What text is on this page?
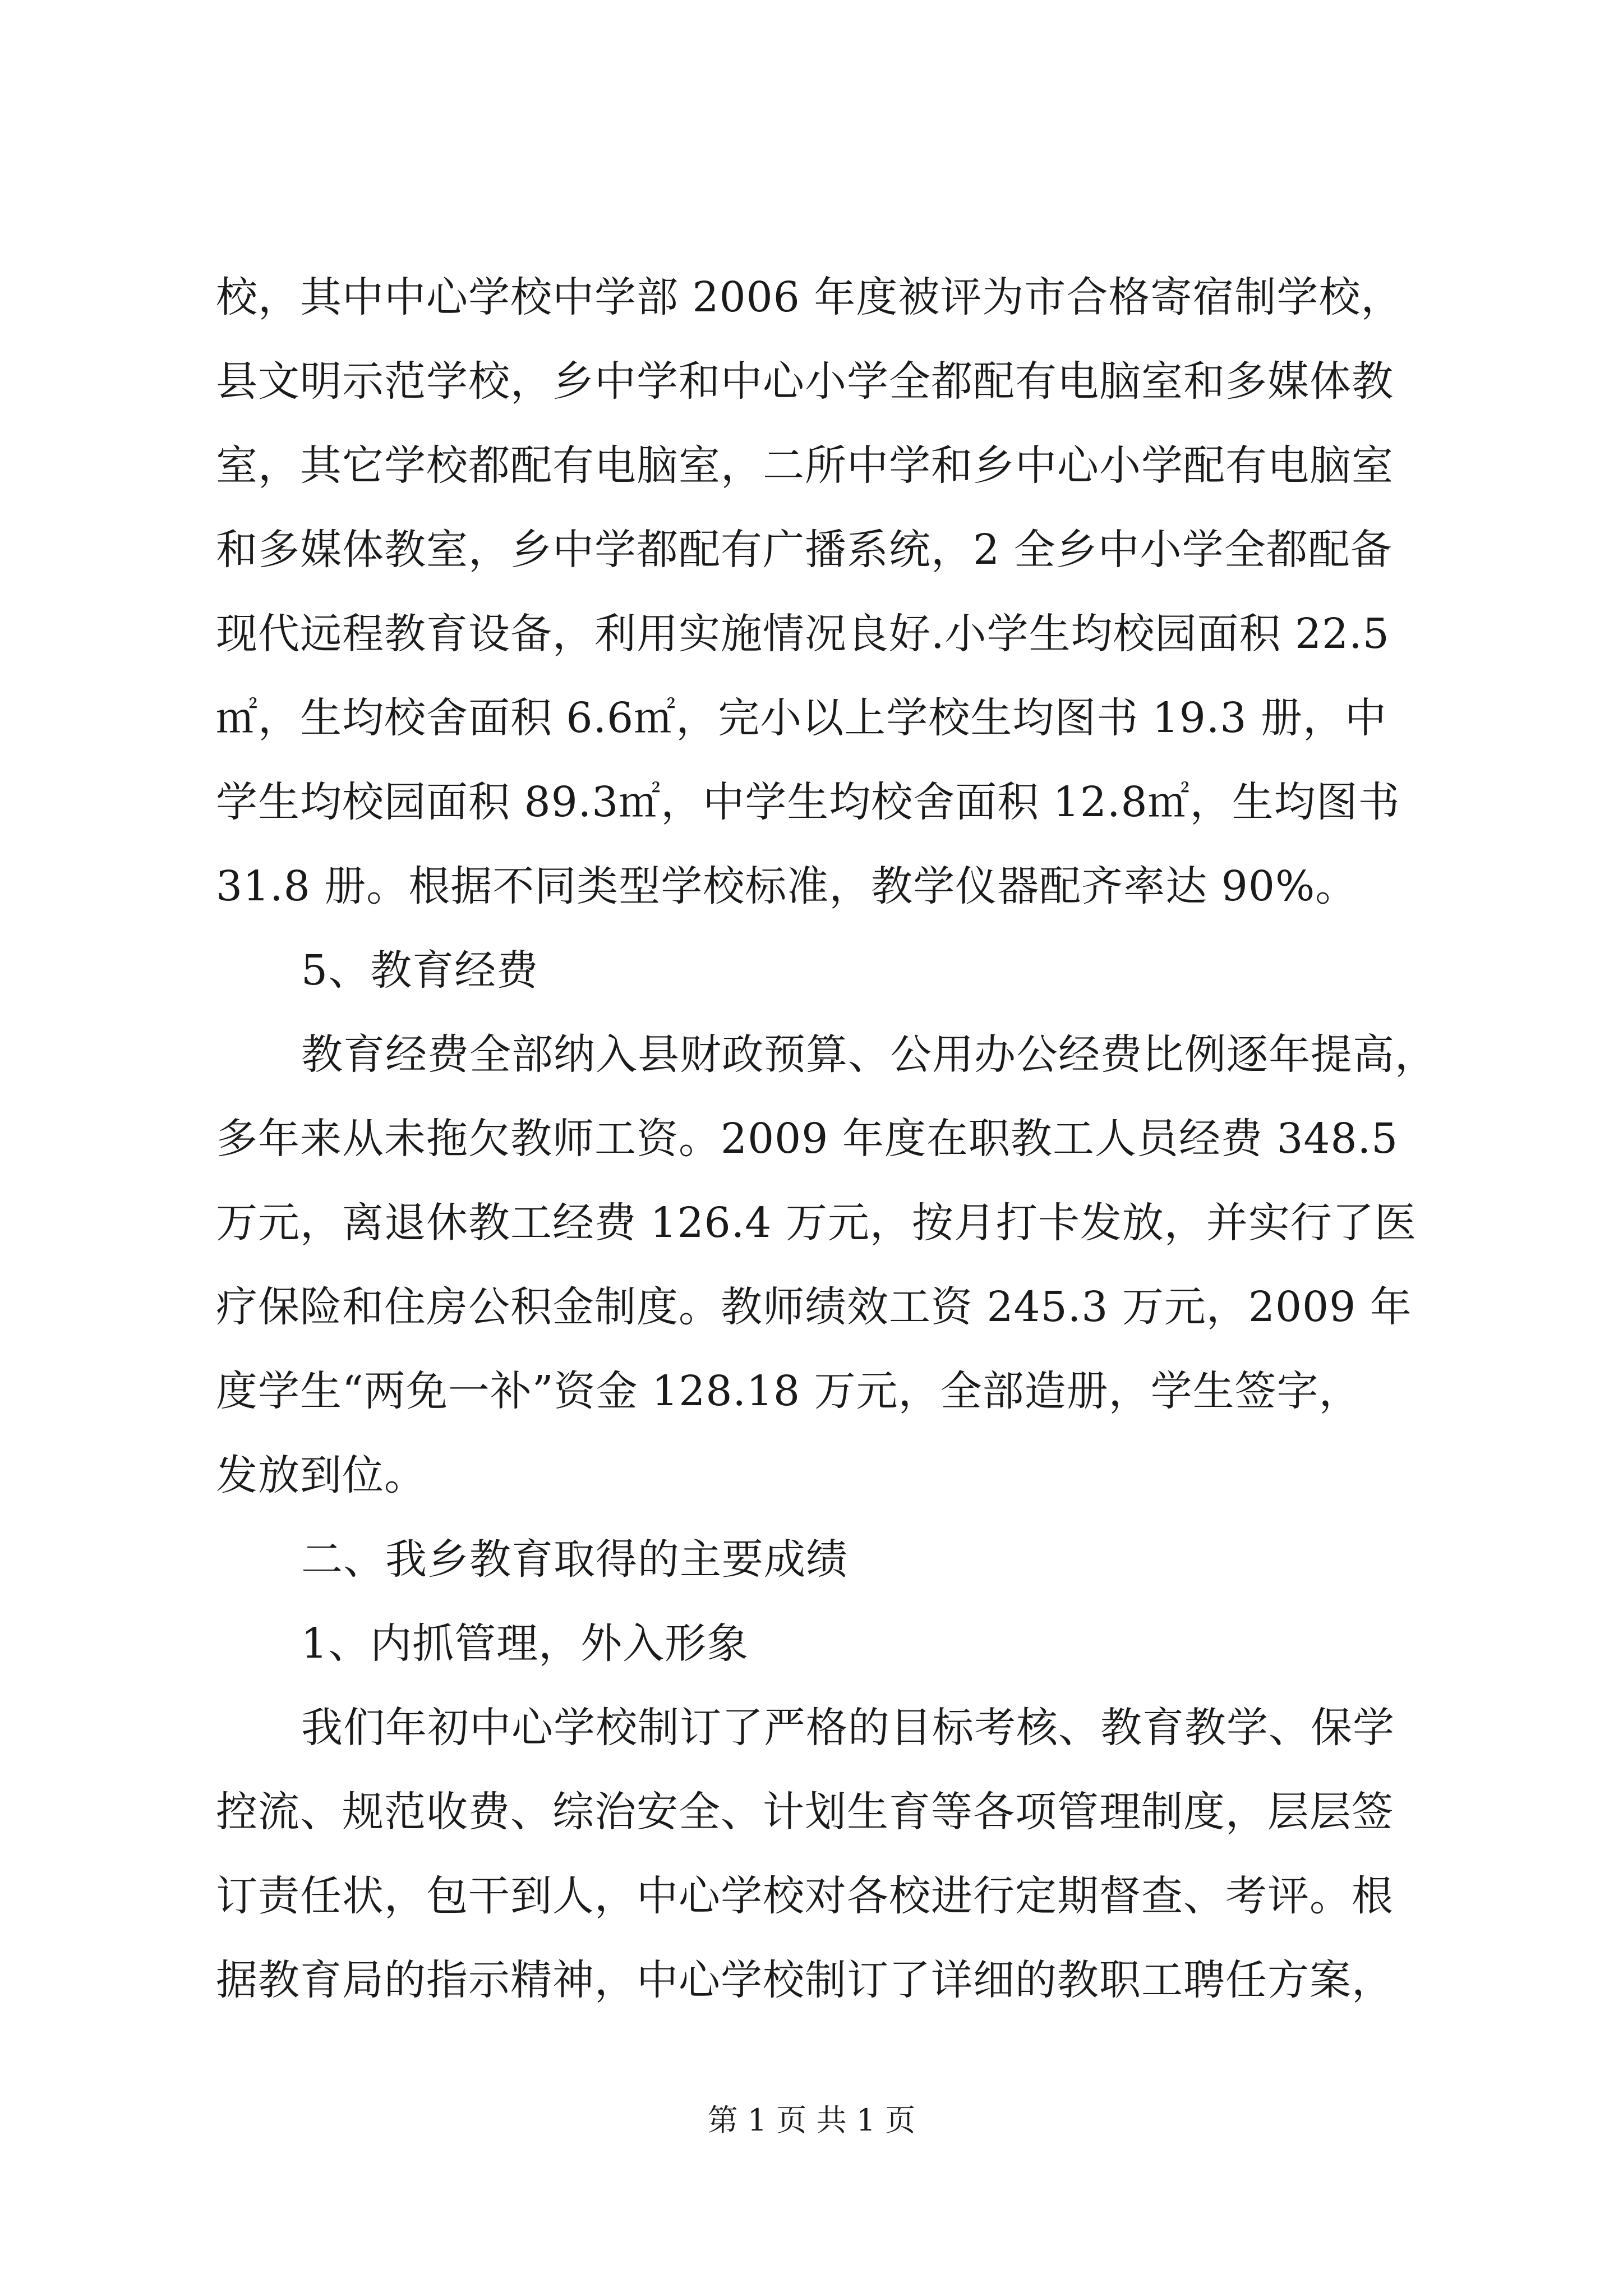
校，其中中心学校中学部 2006 年度被评为市合格寄宿制学校，
县文明示范学校，乡中学和中心小学全都配有电脑室和多媒体教
室，其它学校都配有电脑室，二所中学和乡中心小学配有电脑室
和多媒体教室，乡中学都配有广播系统，2 全乡中小学全都配备
现代远程教育设备，利用实施情况良好.小学生均校园面积 22.5
㎡，生均校舍面积 6.6㎡，完小以上学校生均图书 19.3 册，中
学生均校园面积 89.3㎡，中学生均校舍面积 12.8㎡，生均图书
31.8 册。根据不同类型学校标准，教学仪器配齐率达 90%。
5、教育经费
教育经费全部纳入县财政预算、公用办公经费比例逐年提高，
多年来从未拖欠教师工资。2009 年度在职教工人员经费 348.5
万元，离退休教工经费 126.4 万元，按月打卡发放，并实行了医
疗保险和住房公积金制度。教师绩效工资 245.3 万元，2009 年
度学生“两免一补”资金 128.18 万元，全部造册，学生签字，
发放到位。
二、我乡教育取得的主要成绩
1、内抓管理，外入形象
我们年初中心学校制订了严格的目标考核、教育教学、保学
控流、规范收费、综治安全、计划生育等各项管理制度，层层签
订责任状，包干到人，中心学校对各校进行定期督查、考评。根
据教育局的指示精神，中心学校制订了详细的教职工聘任方案，
第 1 页 共 1 页
